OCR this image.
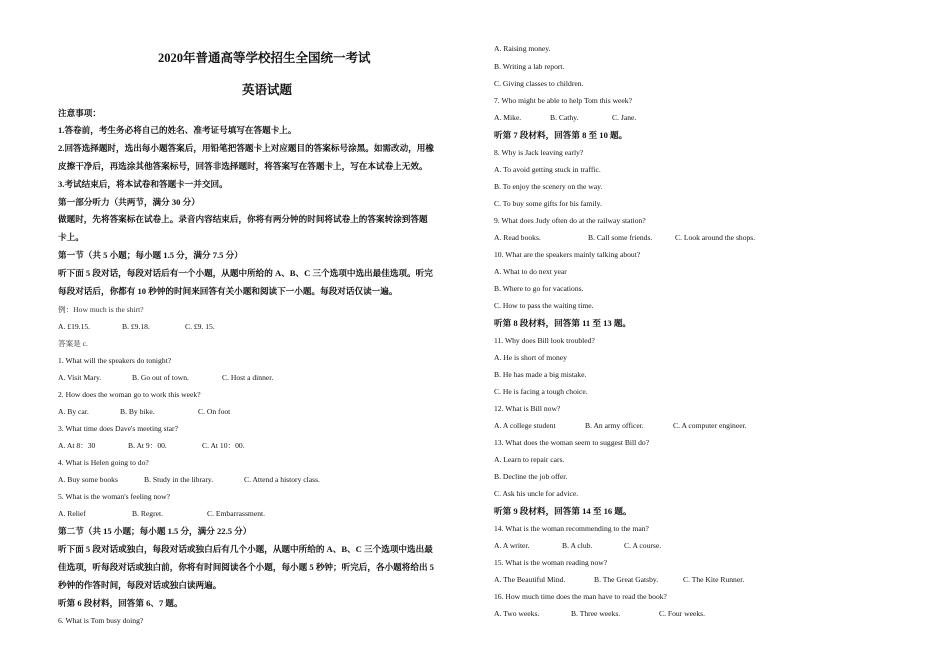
2020年普通高等学校招生全国统一考试
英语试题
注意事项：
1.答卷前，考生务必将自己的姓名、准考证号填写在答题卡上。
2.回答选择题时，选出每小题答案后，用铅笔把答题卡上对应题目的答案标号涂黑。如需改动，用橡
皮擦干净后，再选涂其他答案标号，回答非选择题时，将答案写在答题卡上，写在本试卷上无效。
3.考试结束后，将本试卷和答题卡一并交回。
第一部分听力（共两节，满分 30 分）
做题时，先将答案标在试卷上。录音内容结束后，你将有两分钟的时间将试卷上的答案转涂到答题
卡上。
第一节（共 5 小题；每小题 1.5 分，满分 7.5 分）
听下面 5 段对话，每段对话后有一个小题，从题中所给的 A、B、C 三个选项中选出最佳选项。听完
每段对话后，你都有 10 秒钟的时间来回答有关小题和阅读下一小题。每段对话仅读一遍。
例：How much is the shirt?
A. £19.15.	B. £9.18.	C. £9. 15.
答案是 c.
1. What will the speakers do tonight?
A. Visit Mary.	B. Go out of town.	C. Host a dinner.
2. How does the woman go to work this week?
A. By car.	B. By bike.	C. On foot
3. What time does Dave's meeting star?
A. At 8：30	B. At 9：00.	C. At 10：00.
4. What is Helen going to do?
A. Buy some books	B. Study in the library.	C. Attend a history class.
5. What is the woman's feeling now?
A. Relief	B. Regret.	C. Embarrassment.
第二节（共 15 小题；每小题 1.5 分，满分 22.5 分）
听下面 5 段对话或独白，每段对话或独白后有几个小题，从题中所给的 A、B、C 三个选项中选出最
佳选项，听每段对话或独白前，你将有时间阅读各个小题，每小题 5 秒钟；听完后，各小题将给出 5
秒钟的作答时间，每段对话或独白读两遍。
听第 6 段材料，回答第 6、7 题。
6. What is Tom busy doing?
A. Raising money.
B. Writing a lab report.
C. Giving classes to children.
7. Who might be able to help Tom this week?
A. Mike.	B. Cathy.	C. Jane.
听第 7 段材料，回答第 8 至 10 题。
8. Why is Jack leaving early?
A. To avoid getting stuck in traffic.
B. To enjoy the scenery on the way.
C. To buy some gifts for his family.
9. What does Judy often do at the railway station?
A. Read books.	B. Call some friends.	C. Look around the shops.
10. What are the speakers mainly talking about?
A. What to do next year
B. Where to go for vacations.
C. How to pass the waiting time.
听第 8 段材料，回答第 11 至 13 题。
11. Why does Bill look troubled?
A. He is short of money
B. He has made a big mistake.
C. He is facing a tough choice.
12. What is Bill now?
A. A college student	B. An army officer.	C. A computer engineer.
13. What does the woman seem to suggest Bill do?
A. Learn to repair cars.
B. Decline the job offer.
C. Ask his uncle for advice.
听第 9 段材料，回答第 14 至 16 题。
14. What is the woman recommending to the man?
A. A writer.	B. A club.	C. A course.
15. What is the woman reading now?
A. The Beautiful Mind.	B. The Great Gatsby.	C. The Kite Runner.
16. How much time does the man have to read the book?
A. Two weeks.	B. Three weeks.	C. Four weeks.
